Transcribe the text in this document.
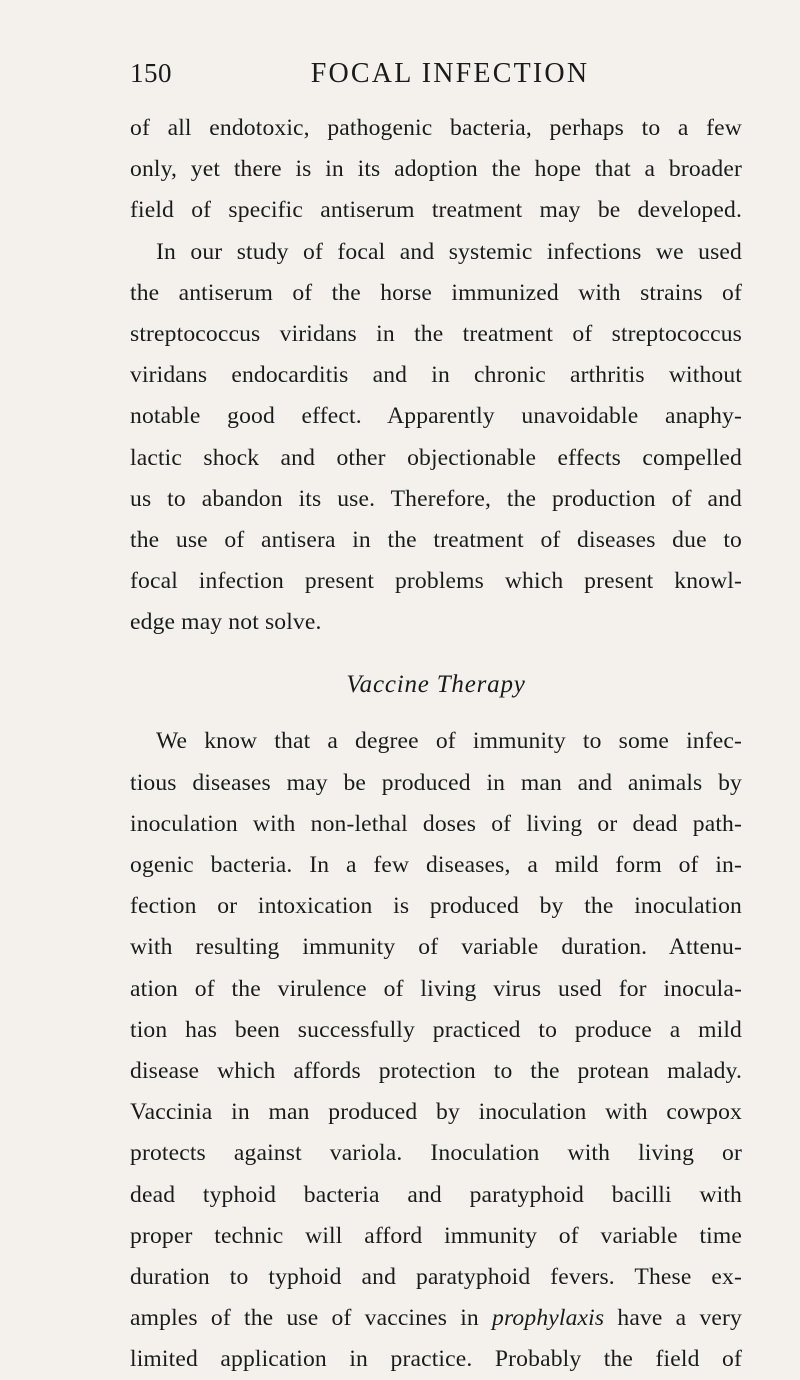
150	FOCAL INFECTION
of all endotoxic, pathogenic bacteria, perhaps to a few
only, yet there is in its adoption the hope that a broader
field of specific antiserum treatment may be developed.
In our study of focal and systemic infections we used
the antiserum of the horse immunized with strains of
streptococcus viridans in the treatment of streptococcus
viridans endocarditis and in chronic arthritis without
notable good effect. Apparently unavoidable anaphy-
lactic shock and other objectionable effects compelled
us to abandon its use. Therefore, the production of and
the use of antisera in the treatment of diseases due to
focal infection present problems which present knowl-
edge may not solve.
Vaccine Therapy
We know that a degree of immunity to some infec-
tious diseases may be produced in man and animals by
inoculation with non-lethal doses of living or dead path-
ogenic bacteria. In a few diseases, a mild form of in-
fection or intoxication is produced by the inoculation
with resulting immunity of variable duration. Attenu-
ation of the virulence of living virus used for inocula-
tion has been successfully practiced to produce a mild
disease which affords protection to the protean malady.
Vaccinia in man produced by inoculation with cowpox
protects against variola. Inoculation with living or
dead typhoid bacteria and paratyphoid bacilli with
proper technic will afford immunity of variable time
duration to typhoid and paratyphoid fevers. These ex-
amples of the use of vaccines in prophylaxis have a very
limited application in practice. Probably the field of
